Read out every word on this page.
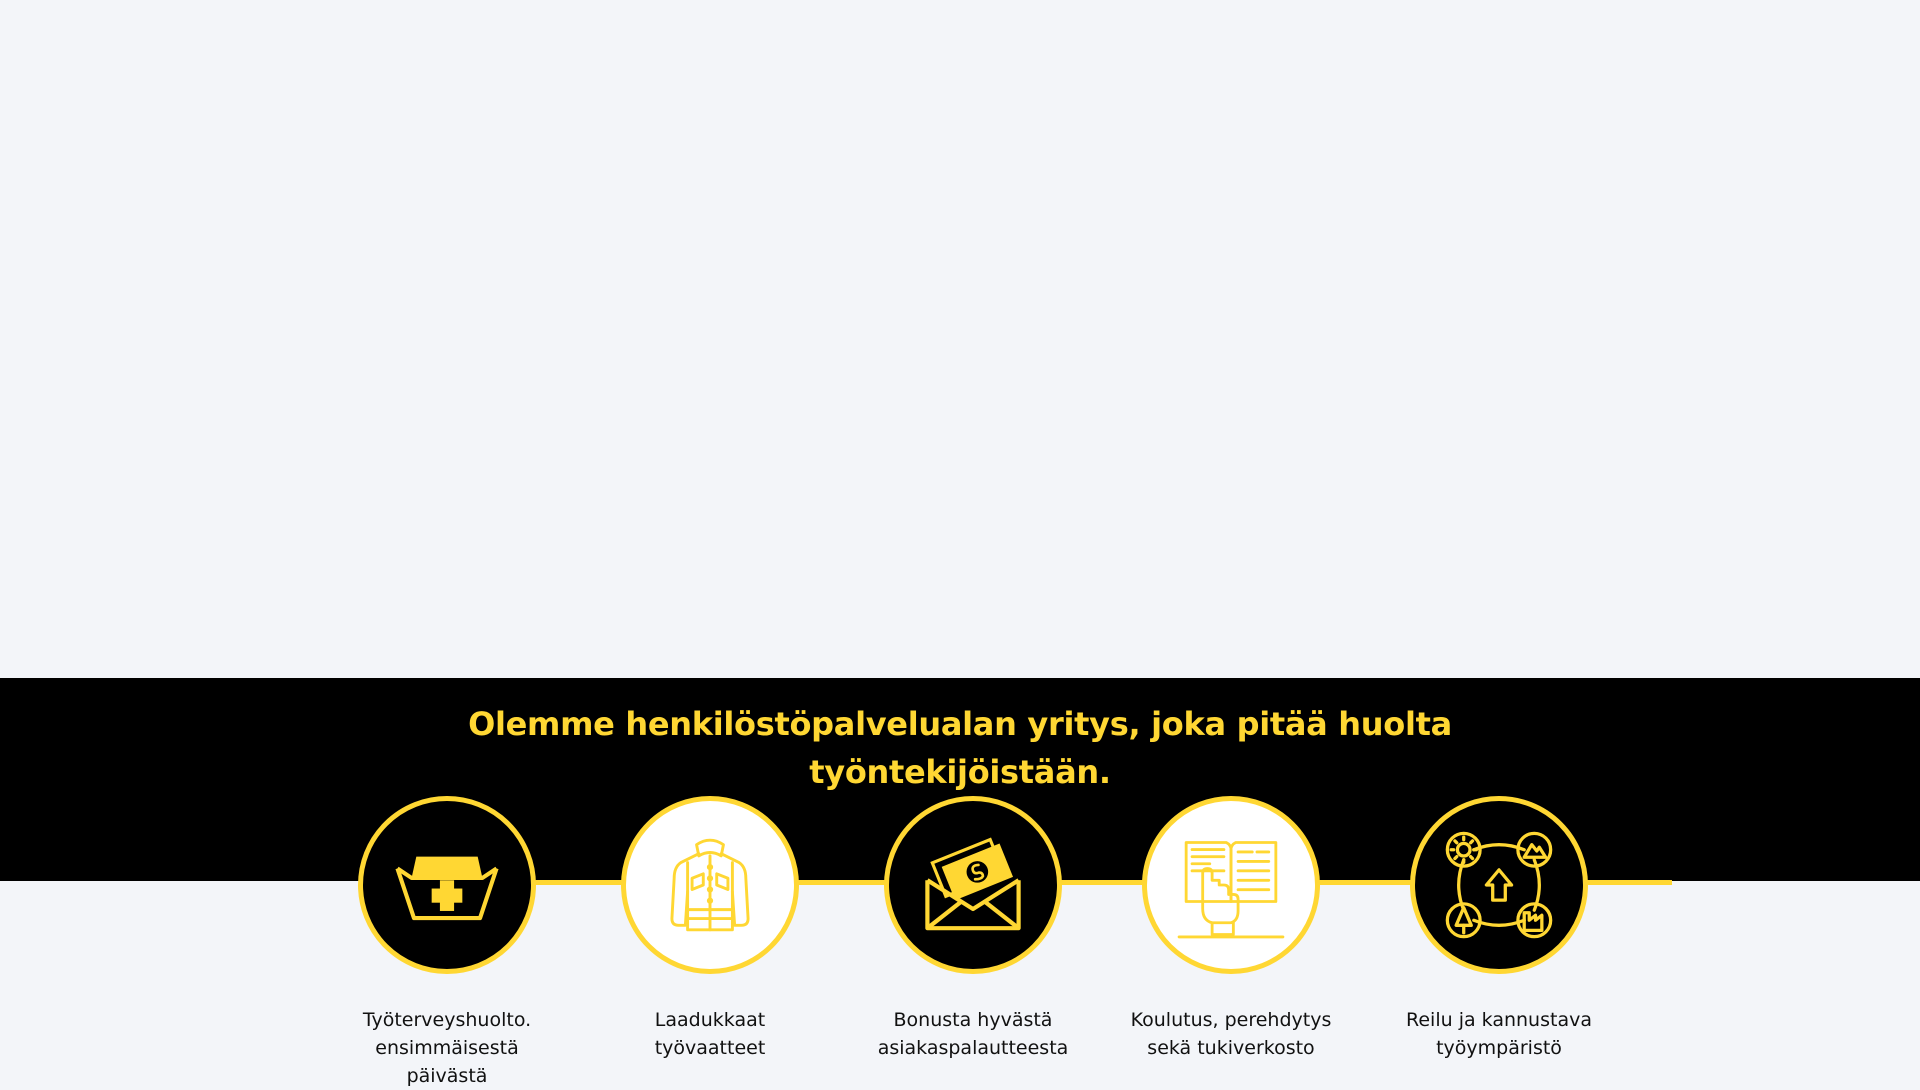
Olemme henkilöstöpalvelualan yritys, joka pitää huolta
työntekijöistään.
Työterveyshuolto.
ensimmäisestä
päivästä
Laadukkaat
työvaatteet
Bonusta hyvästä
asiakaspalautteesta
Koulutus, perehdytys
sekä tukiverkosto
Reilu ja kannustava
työympäristö
